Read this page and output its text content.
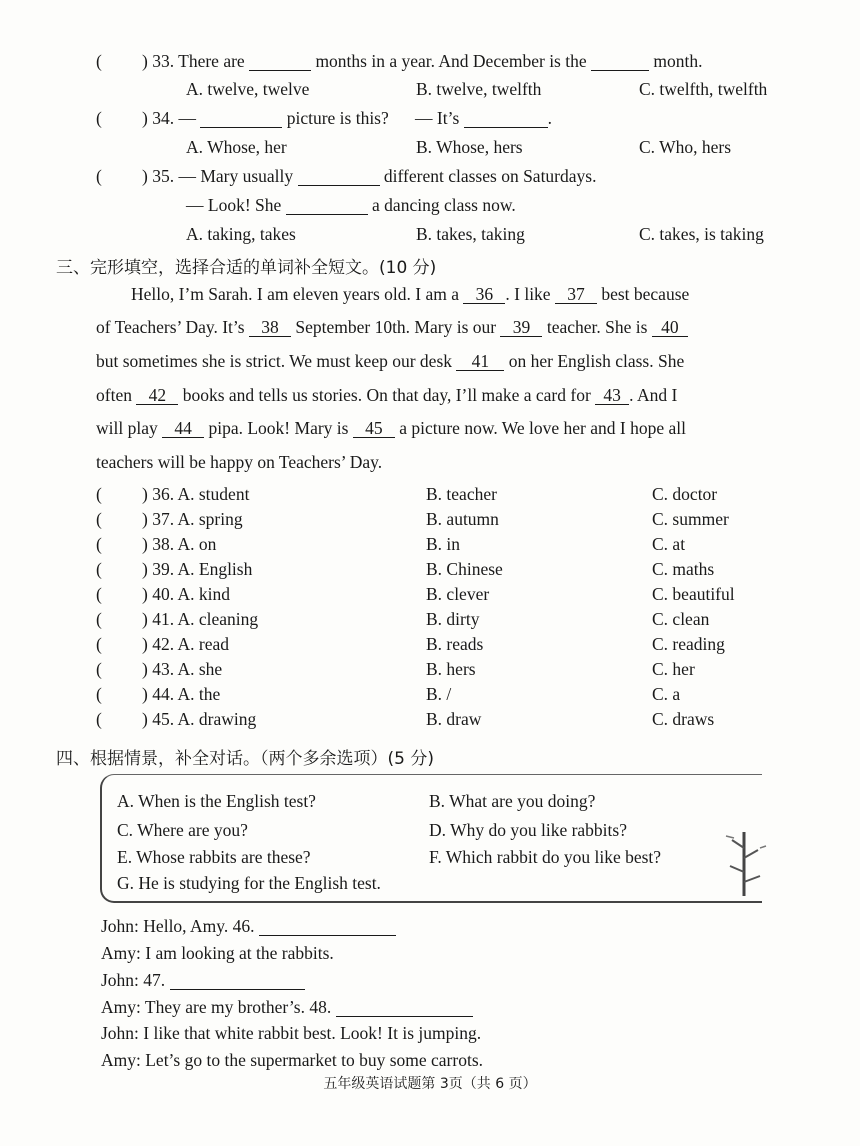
( ) 33. There are	months in a year. And December is the	month.
A. twelve, twelve	B. twelve, twelfth	C. twelfth, twelfth
( ) 34. —	picture is this? — It’s	.
A. Whose, her	B. Whose, hers	C. Who, hers
( ) 35. — Mary usually	different classes on Saturdays.
— Look! She	a dancing class now.
A. taking, takes	B. takes, taking	C. takes, is taking
三、完形填空，选择合适的单词补全短文。(10 分)
Hello, I’m Sarah. I am eleven years old. I am a 36 . I like 37 best because
of Teachers’ Day. It’s 38 September 10th. Mary is our 39 teacher. She is 40
but sometimes she is strict. We must keep our desk 41 on her English class. She
often 42 books and tells us stories. On that day, I’ll make a card for 43 . And I
will play 44 pipa. Look! Mary is 45 a picture now. We love her and I hope all
teachers will be happy on Teachers’ Day.
( ) 36. A. student	B. teacher	C. doctor
( ) 37. A. spring	B. autumn	C. summer
( ) 38. A. on	B. in	C. at
( ) 39. A. English	B. Chinese	C. maths
( ) 40. A. kind	B. clever	C. beautiful
( ) 41. A. cleaning	B. dirty	C. clean
( ) 42. A. read	B. reads	C. reading
( ) 43. A. she	B. hers	C. her
( ) 44. A. the	B. /	C. a
( ) 45. A. drawing	B. draw	C. draws
四、根据情景，补全对话。（两个多余选项）(5 分)
A. When is the English test?	B. What are you doing?
C. Where are you?	D. Why do you like rabbits?
E. Whose rabbits are these?	F. Which rabbit do you like best?
G. He is studying for the English test.
John: Hello, Amy. 46.
Amy: I am looking at the rabbits.
John: 47.
Amy: They are my brother’s. 48.
John: I like that white rabbit best. Look! It is jumping.
Amy: Let’s go to the supermarket to buy some carrots.
五年级英语试题第 3页（共 6 页）
